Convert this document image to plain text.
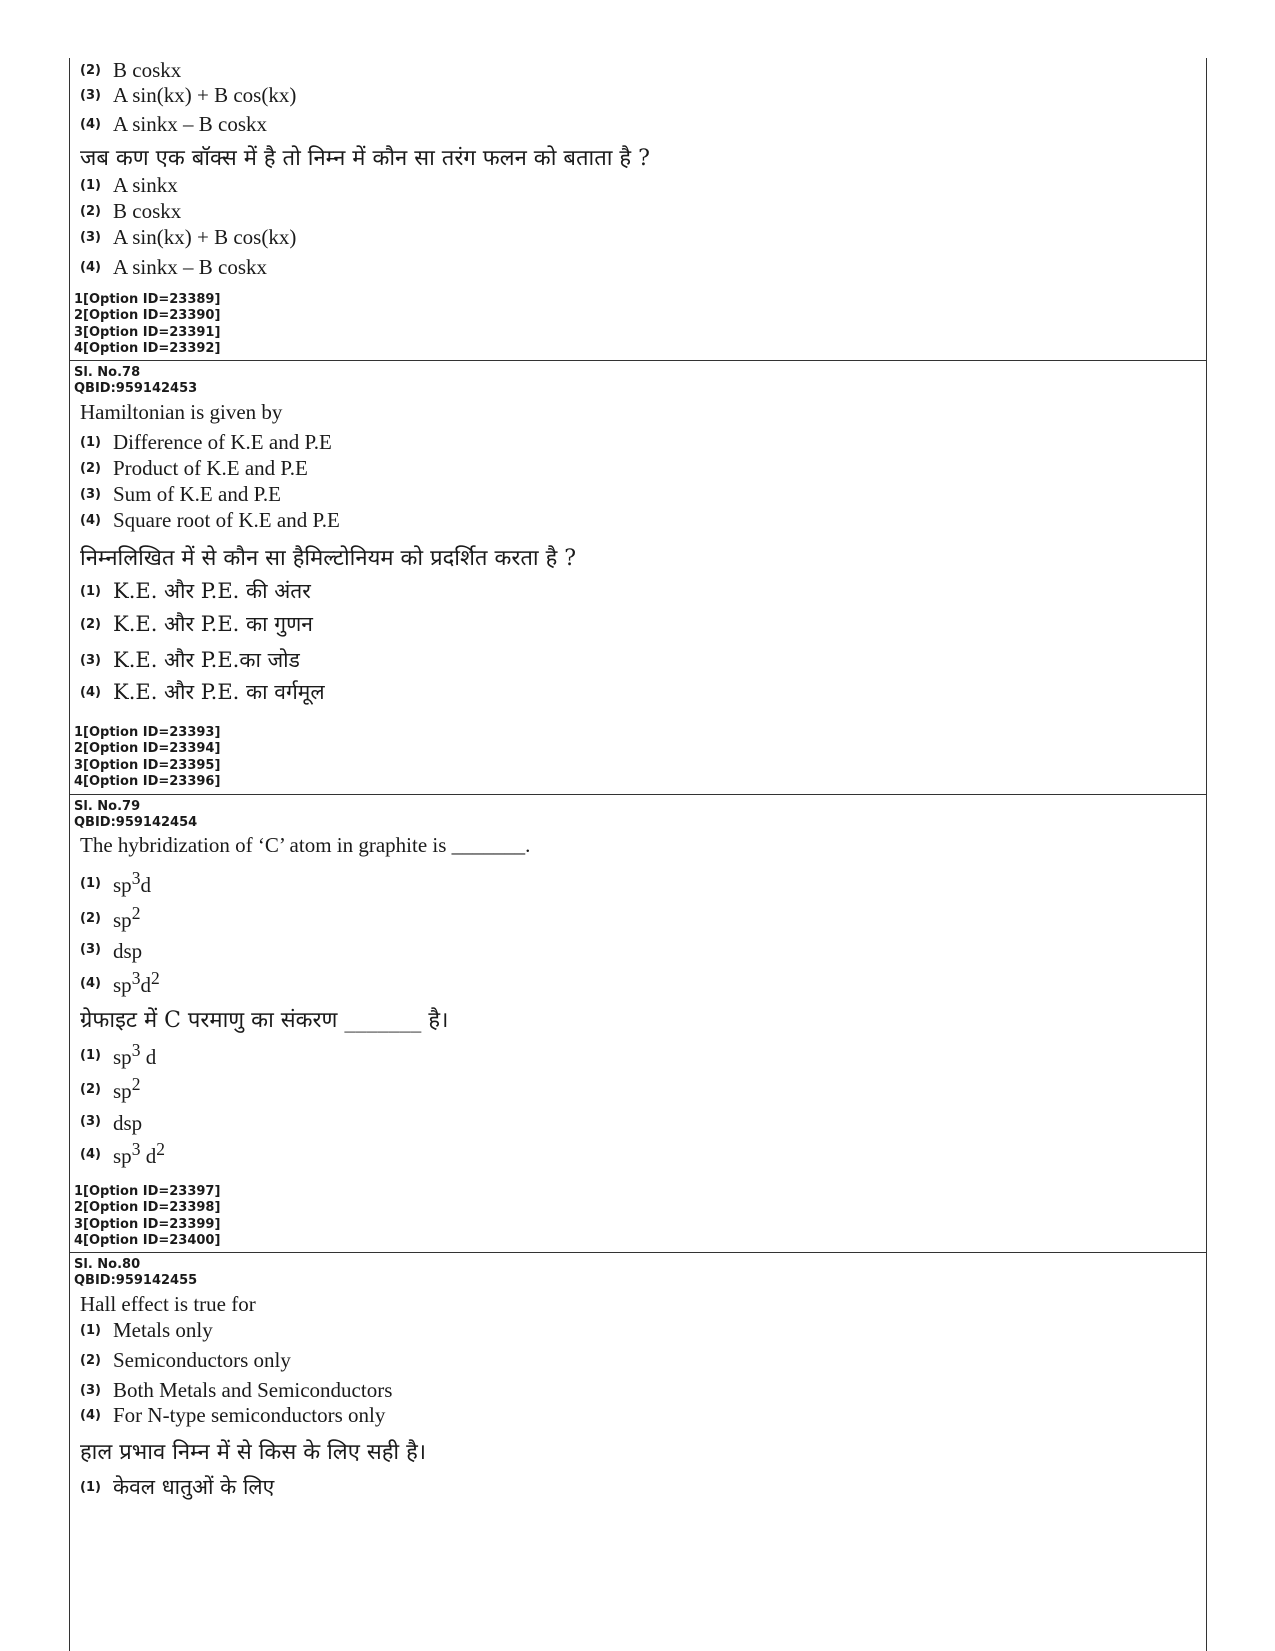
(2) B coskx
(3) A sin(kx) + B cos(kx)
(4) A sinkx – B coskx
जब कण एक बॉक्स में है तो निम्न में कौन सा तरंग फलन को बताता है ?
(1) A sinkx
(2) B coskx
(3) A sin(kx) + B cos(kx)
(4) A sinkx – B coskx
1[Option ID=23389]
2[Option ID=23390]
3[Option ID=23391]
4[Option ID=23392]
Sl. No.78
QBID:959142453
Hamiltonian is given by
(1) Difference of K.E and P.E
(2) Product of K.E and P.E
(3) Sum of K.E and P.E
(4) Square root of K.E and P.E
निम्नलिखित में से कौन सा हैमिल्टोनियम को प्रदर्शित करता है ?
(1) K.E. और P.E. की अंतर
(2) K.E. और P.E. का गुणन
(3) K.E. और P.E.का जोड
(4) K.E. और P.E. का वर्गमूल
1[Option ID=23393]
2[Option ID=23394]
3[Option ID=23395]
4[Option ID=23396]
Sl. No.79
QBID:959142454
The hybridization of ‘C’ atom in graphite is _______.
(1) $sp^3d$
(2) $sp^2$
(3) dsp
(4) $sp^3d^2$
ग्रेफाइट में C परमाणु का संकरण _______ है।
(1) $sp^3$ d
(2) $sp^2$
(3) dsp
(4) $sp^3$ $d^2$
1[Option ID=23397]
2[Option ID=23398]
3[Option ID=23399]
4[Option ID=23400]
Sl. No.80
QBID:959142455
Hall effect is true for
(1) Metals only
(2) Semiconductors only
(3) Both Metals and Semiconductors
(4) For N-type semiconductors only
हाल प्रभाव निम्न में से किस के लिए सही है।
(1) केवल धातुओं के लिए
